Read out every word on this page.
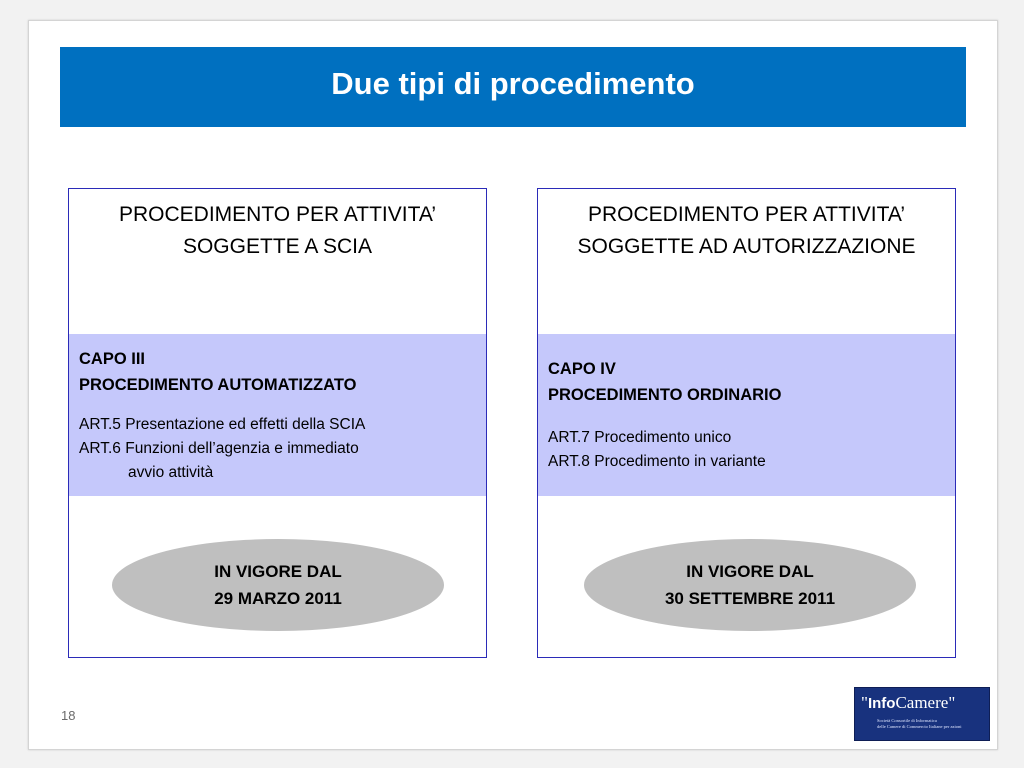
Due tipi di procedimento
PROCEDIMENTO PER ATTIVITA’
SOGGETTE A SCIA
CAPO III
PROCEDIMENTO AUTOMATIZZATO
ART.5 Presentazione ed effetti della SCIA
ART.6 Funzioni dell’agenzia e immediato
avvio attività
IN VIGORE DAL
29 MARZO 2011
PROCEDIMENTO PER ATTIVITA’
SOGGETTE AD AUTORIZZAZIONE
CAPO IV
PROCEDIMENTO ORDINARIO
ART.7 Procedimento unico
ART.8 Procedimento in variante
IN VIGORE DAL
30 SETTEMBRE 2011
18
"InfoCamere"
Società Consortile di Informatica
delle Camere di Commercio Italiane per azioni
